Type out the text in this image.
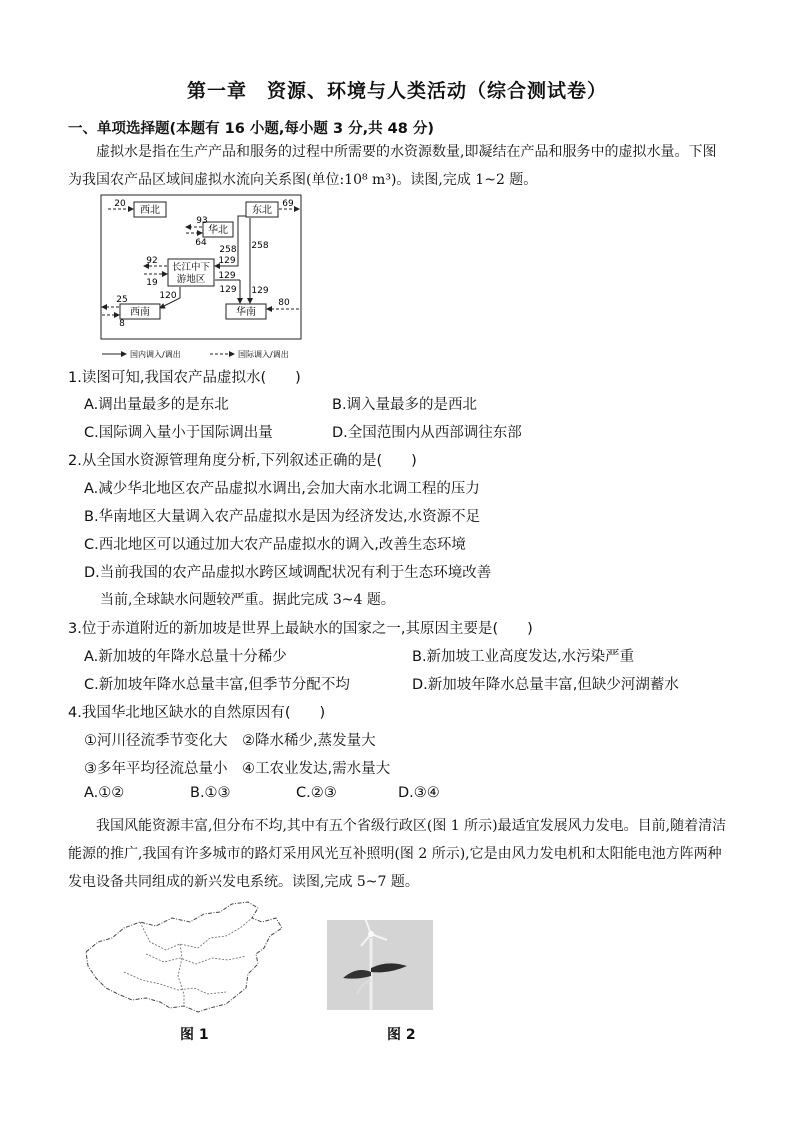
第一章　资源、环境与人类活动（综合测试卷）
一、单项选择题(本题有 16 小题,每小题 3 分,共 48 分)
虚拟水是指在生产产品和服务的过程中所需要的水资源数量,即凝结在产品和服务中的虚拟水量。下图为我国农产品区域间虚拟水流向关系图(单位:10⁸ m³)。读图,完成 1~2 题。
西北	东北
华北
长江中下
游地区
西南	华南
20	69
93
64
92
19
25
8
80
258
258
129
129
129 129
120
国内调入/调出	国际调入/调出
1.读图可知,我国农产品虚拟水(　　)
A.调出量最多的是东北	B.调入量最多的是西北
C.国际调入量小于国际调出量	D.全国范围内从西部调往东部
2.从全国水资源管理角度分析,下列叙述正确的是(　　)
A.减少华北地区农产品虚拟水调出,会加大南水北调工程的压力
B.华南地区大量调入农产品虚拟水是因为经济发达,水资源不足
C.西北地区可以通过加大农产品虚拟水的调入,改善生态环境
D.当前我国的农产品虚拟水跨区域调配状况有利于生态环境改善
当前,全球缺水问题较严重。据此完成 3~4 题。
3.位于赤道附近的新加坡是世界上最缺水的国家之一,其原因主要是(　　)
A.新加坡的年降水总量十分稀少	B.新加坡工业高度发达,水污染严重
C.新加坡年降水总量丰富,但季节分配不均	D.新加坡年降水总量丰富,但缺少河湖蓄水
4.我国华北地区缺水的自然原因有(　　)
①河川径流季节变化大　②降水稀少,蒸发量大
③多年平均径流总量小　④工农业发达,需水量大
A.①②	B.①③	C.②③	D.③④
我国风能资源丰富,但分布不均,其中有五个省级行政区(图 1 所示)最适宜发展风力发电。目前,随着清洁能源的推广,我国有许多城市的路灯采用风光互补照明(图 2 所示),它是由风力发电机和太阳能电池方阵两种发电设备共同组成的新兴发电系统。读图,完成 5~7 题。
图 1	图 2
